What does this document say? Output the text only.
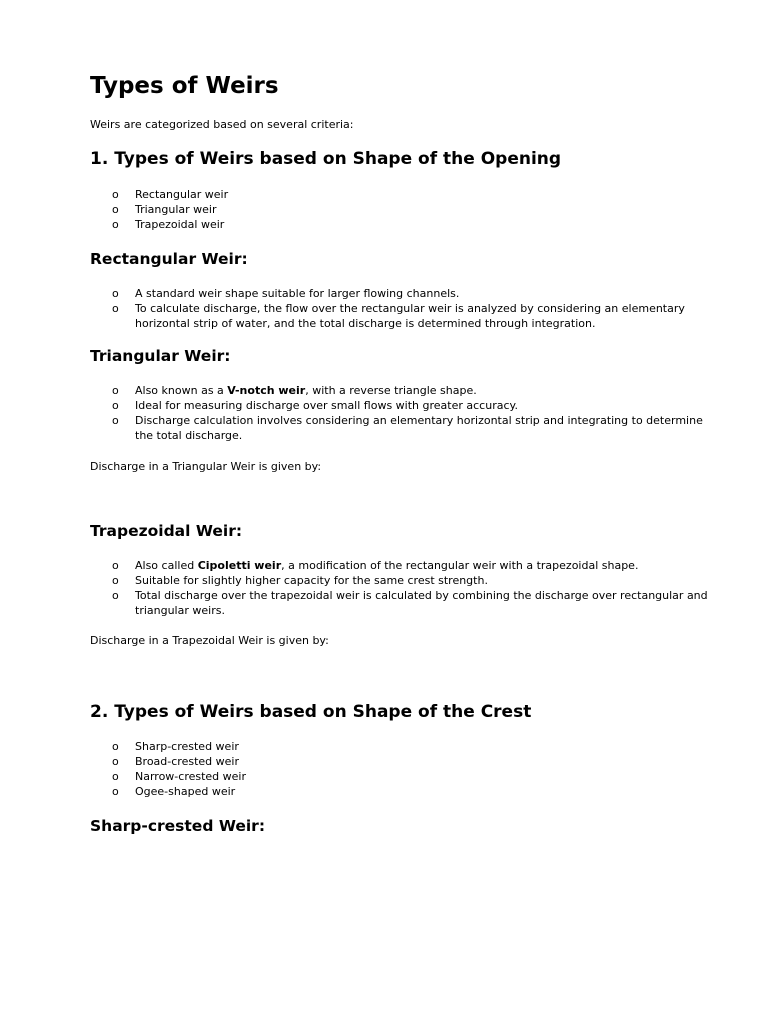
Types of Weirs

Weirs are categorized based on several criteria:

1. Types of Weirs based on Shape of the Opening
o Rectangular weir
o Triangular weir
o Trapezoidal weir
Rectangular Weir:
o A standard weir shape suitable for larger flowing channels.
o To calculate discharge, the flow over the rectangular weir is analyzed by considering an elementary horizontal strip of water, and the total discharge is determined through integration.
Triangular Weir:
o Also known as a V-notch weir, with a reverse triangle shape.
o Ideal for measuring discharge over small flows with greater accuracy.
o Discharge calculation involves considering an elementary horizontal strip and integrating to determine the total discharge.

Discharge in a Triangular Weir is given by:

Trapezoidal Weir:
o Also called Cipoletti weir, a modification of the rectangular weir with a trapezoidal shape.
o Suitable for slightly higher capacity for the same crest strength.
o Total discharge over the trapezoidal weir is calculated by combining the discharge over rectangular and triangular weirs.

Discharge in a Trapezoidal Weir is given by:

2. Types of Weirs based on Shape of the Crest
o Sharp-crested weir
o Broad-crested weir
o Narrow-crested weir
o Ogee-shaped weir
Sharp-crested Weir:
